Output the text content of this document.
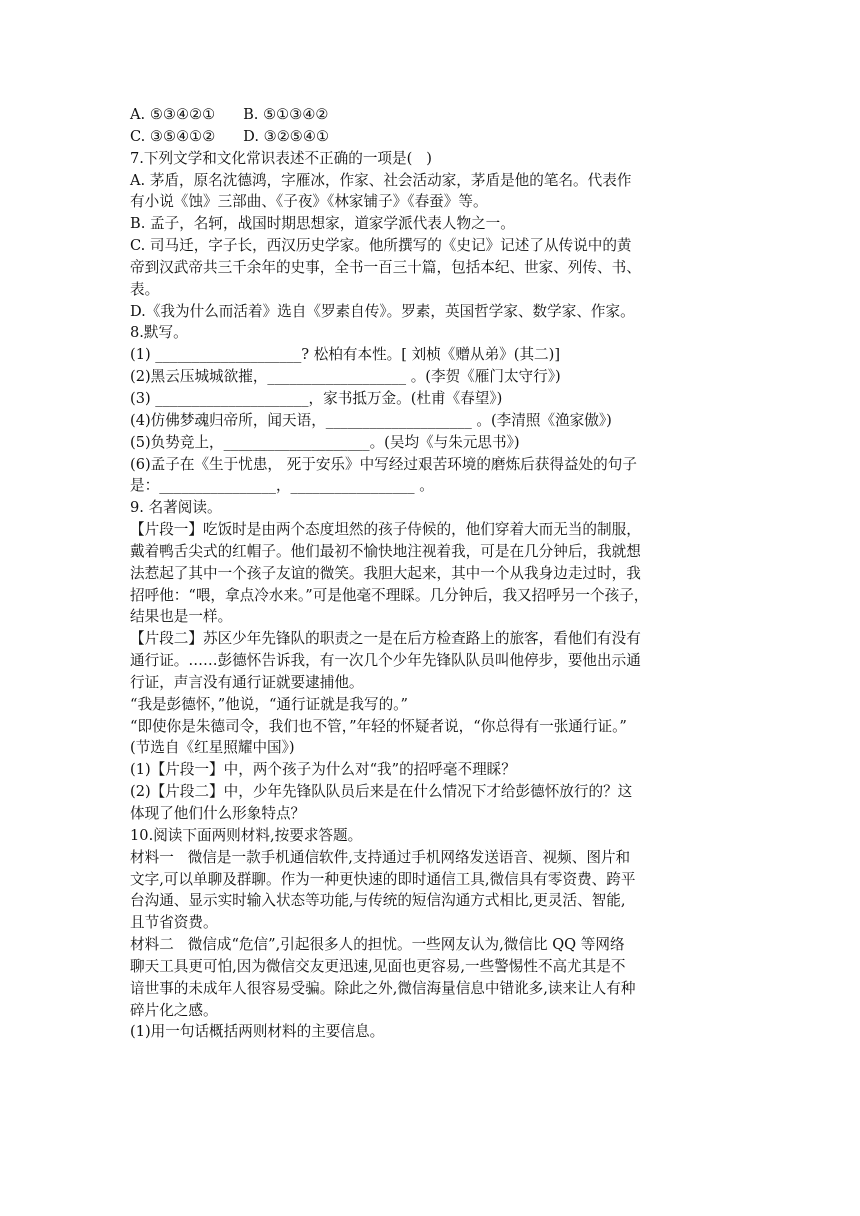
A. ⑤③④②①      B. ⑤①③④②
C. ③⑤④①②      D. ③②⑤④①
7.下列文学和文化常识表述不正确的一项是(   )
A. 茅盾，原名沈德鸿，字雁冰，作家、社会活动家，茅盾是他的笔名。代表作
有小说《蚀》三部曲、《子夜》《林家铺子》《春蚕》等。
B. 孟子，名轲，战国时期思想家，道家学派代表人物之一。
C. 司马迁，字子长，西汉历史学家。他所撰写的《史记》记述了从传说中的黄
帝到汉武帝共三千余年的史事，全书一百三十篇，包括本纪、世家、列传、书、
表。
D.《我为什么而活着》选自《罗素自传》。罗素，英国哲学家、数学家、作家。
8.默写。
(1) ____________________? 松柏有本性。[ 刘桢《赠从弟》(其二)]
(2)黑云压城城欲摧，___________________ 。(李贺《雁门太守行》)
(3) _____________________，家书抵万金。(杜甫《春望》)
(4)仿佛梦魂归帝所，闻天语，____________________ 。(李清照《渔家傲》)
(5)负势竞上，____________________。(吴均《与朱元思书》)
(6)孟子在《生于忧患， 死于安乐》中写经过艰苦环境的磨炼后获得益处的句子
是：________________，_________________ 。
9. 名著阅读。
【片段一】吃饭时是由两个态度坦然的孩子侍候的，他们穿着大而无当的制服，
戴着鸭舌尖式的红帽子。他们最初不愉快地注视着我，可是在几分钟后，我就想
法惹起了其中一个孩子友谊的微笑。我胆大起来，其中一个从我身边走过时，我
招呼他：“喂，拿点冷水来。”可是他毫不理睬。几分钟后，我又招呼另一个孩子，
结果也是一样。
【片段二】苏区少年先锋队的职责之一是在后方检查路上的旅客，看他们有没有
通行证。……彭德怀告诉我，有一次几个少年先锋队队员叫他停步，要他出示通
行证，声言没有通行证就要逮捕他。
“我是彭德怀，”他说，“通行证就是我写的。”
“即使你是朱德司令，我们也不管，”年轻的怀疑者说，“你总得有一张通行证。”
(节选自《红星照耀中国》)
(1)【片段一】中，两个孩子为什么对“我”的招呼毫不理睬？
(2)【片段二】中，少年先锋队队员后来是在什么情况下才给彭德怀放行的？这
体现了他们什么形象特点？
10.阅读下面两则材料,按要求答题。
材料一   微信是一款手机通信软件,支持通过手机网络发送语音、视频、图片和
文字,可以单聊及群聊。作为一种更快速的即时通信工具,微信具有零资费、跨平
台沟通、显示实时输入状态等功能,与传统的短信沟通方式相比,更灵活、智能,
且节省资费。
材料二   微信成“危信”,引起很多人的担忧。一些网友认为,微信比 QQ 等网络
聊天工具更可怕,因为微信交友更迅速,见面也更容易,一些警惕性不高尤其是不
谙世事的未成年人很容易受骗。除此之外,微信海量信息中错讹多,读来让人有种
碎片化之感。
(1)用一句话概括两则材料的主要信息。
